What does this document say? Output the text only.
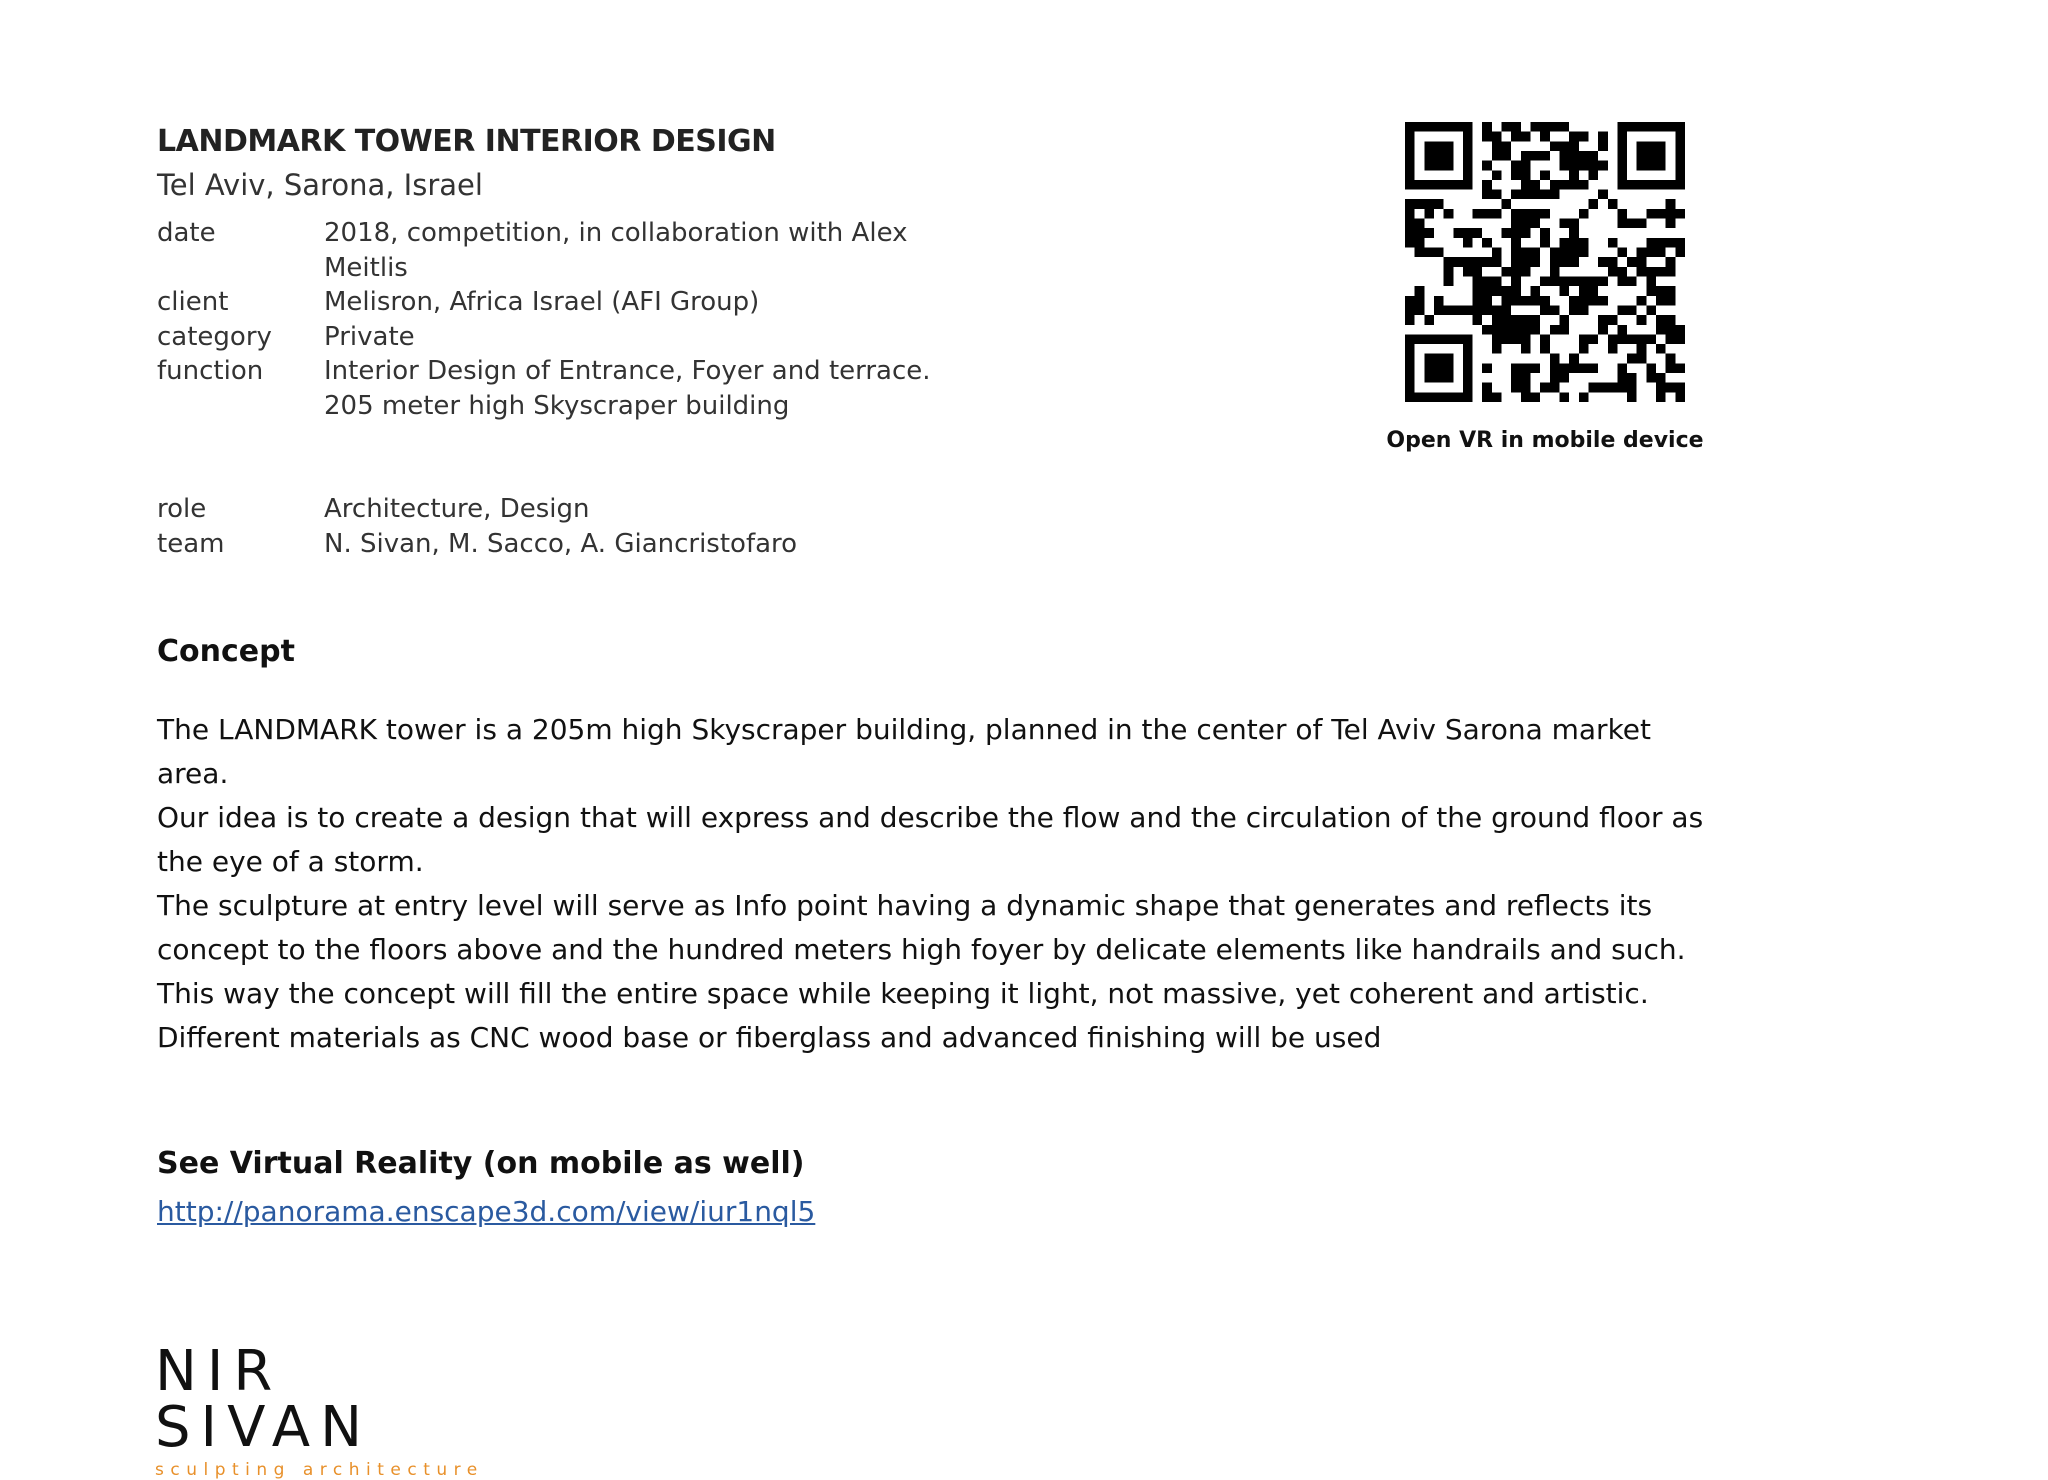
LANDMARK TOWER INTERIOR DESIGN
Tel Aviv, Sarona, Israel
date	2018, competition, in collaboration with Alex Meitlis
client	Melisron, Africa Israel (AFI Group)
category	Private
function	Interior Design of Entrance, Foyer and terrace. 205 meter high Skyscraper building
role	Architecture, Design
team	N. Sivan, M. Sacco, A. Giancristofaro
Open VR in mobile device
Concept

The LANDMARK tower is a 205m high Skyscraper building, planned in the center of Tel Aviv Sarona market area.

Our idea is to create a design that will express and describe the flow and the circulation of the ground floor as the eye of a storm.

The sculpture at entry level will serve as Info point having a dynamic shape that generates and reflects its concept to the floors above and the hundred meters high foyer by delicate elements like handrails and such.

This way the concept will fill the entire space while keeping it light, not massive, yet coherent and artistic.

Different materials as CNC wood base or fiberglass and advanced finishing will be used

See Virtual Reality (on mobile as well)
http://panorama.enscape3d.com/view/iur1nql5
NIR SIVAN
sculpting architecture
